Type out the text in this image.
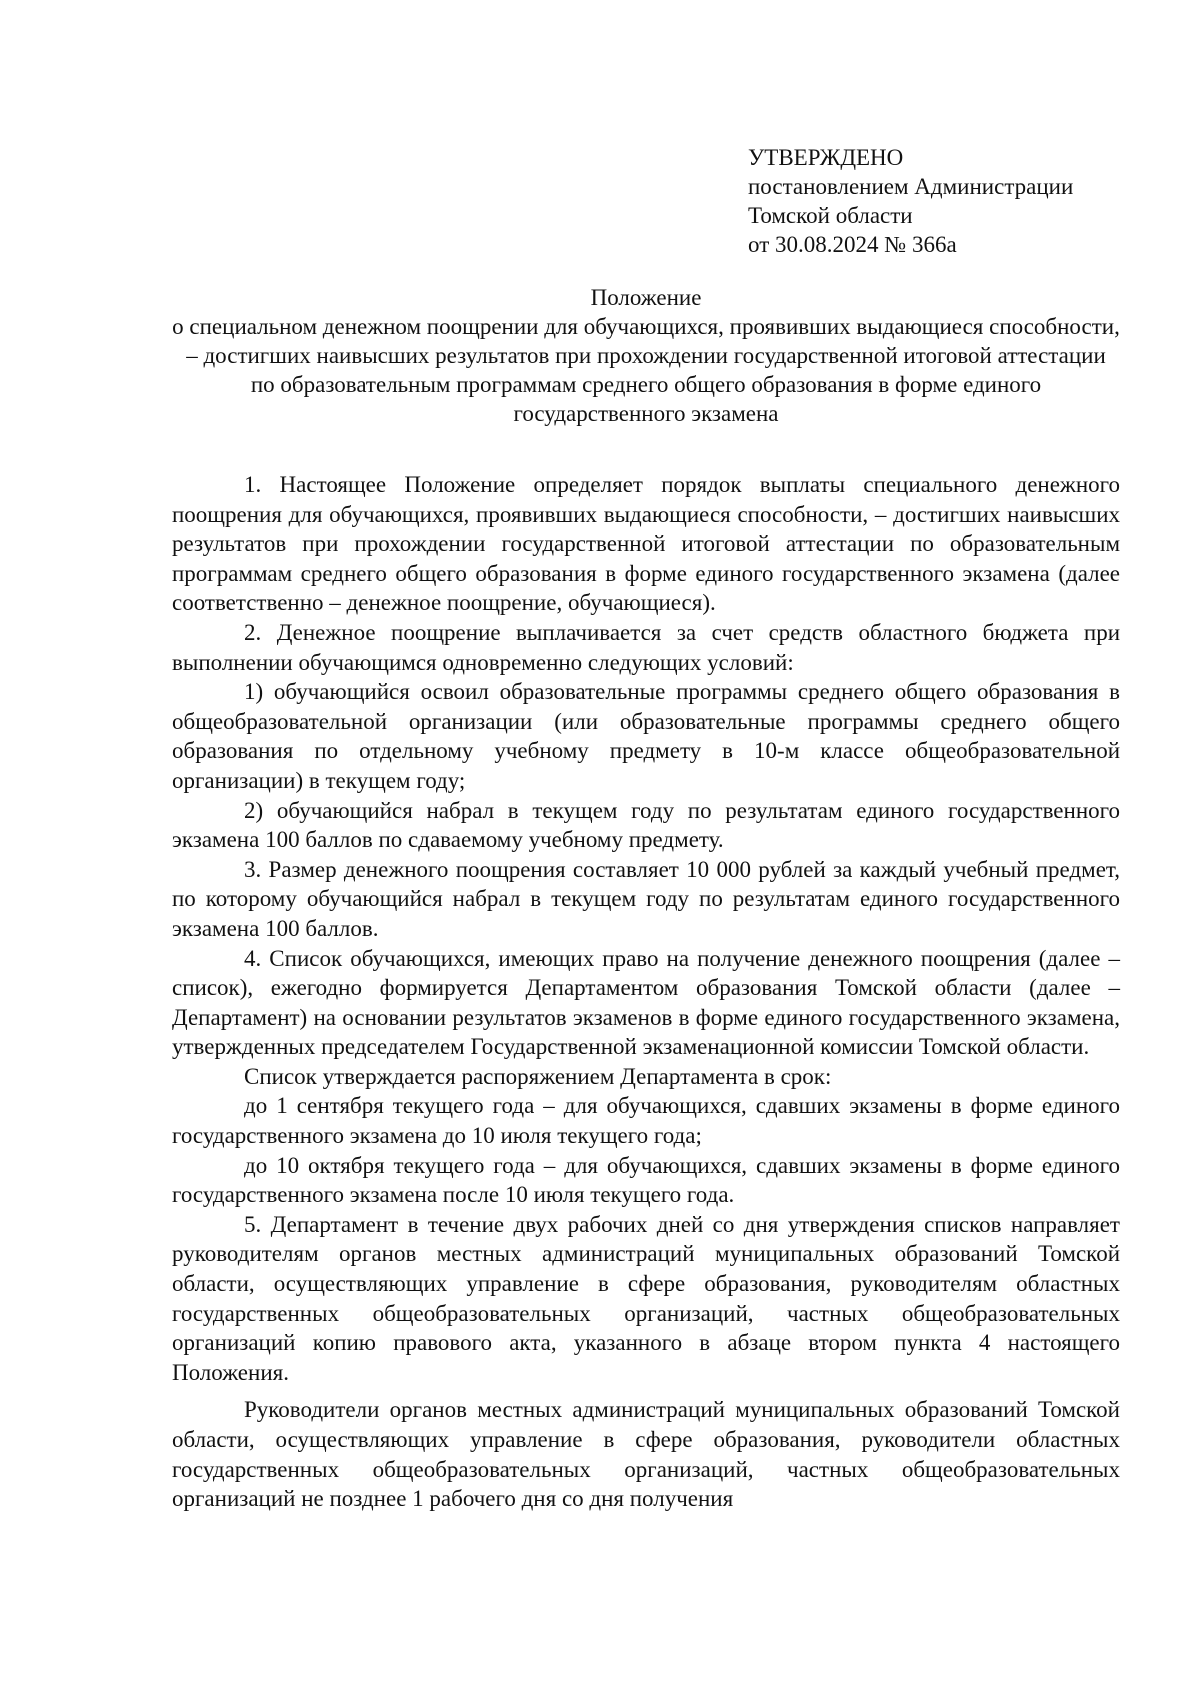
УТВЕРЖДЕНО
постановлением Администрации
Томской области
от 30.08.2024 № 366а
Положение
о специальном денежном поощрении для обучающихся, проявивших выдающиеся способности, – достигших наивысших результатов при прохождении государственной итоговой аттестации по образовательным программам среднего общего образования в форме единого государственного экзамена

1. Настоящее Положение определяет порядок выплаты специального денежного поощрения для обучающихся, проявивших выдающиеся способности, – достигших наивысших результатов при прохождении государственной итоговой аттестации по образовательным программам среднего общего образования в форме единого государственного экзамена (далее соответственно – денежное поощрение, обучающиеся).

2. Денежное поощрение выплачивается за счет средств областного бюджета при выполнении обучающимся одновременно следующих условий:

1) обучающийся освоил образовательные программы среднего общего образования в общеобразовательной организации (или образовательные программы среднего общего образования по отдельному учебному предмету в 10-м классе общеобразовательной организации) в текущем году;

2) обучающийся набрал в текущем году по результатам единого государственного экзамена 100 баллов по сдаваемому учебному предмету.

3. Размер денежного поощрения составляет 10 000 рублей за каждый учебный предмет, по которому обучающийся набрал в текущем году по результатам единого государственного экзамена 100 баллов.

4. Список обучающихся, имеющих право на получение денежного поощрения (далее – список), ежегодно формируется Департаментом образования Томской области (далее – Департамент) на основании результатов экзаменов в форме единого государственного экзамена, утвержденных председателем Государственной экзаменационной комиссии Томской области.

Список утверждается распоряжением Департамента в срок:

до 1 сентября текущего года – для обучающихся, сдавших экзамены в форме единого государственного экзамена до 10 июля текущего года;

до 10 октября текущего года – для обучающихся, сдавших экзамены в форме единого государственного экзамена после 10 июля текущего года.

5. Департамент в течение двух рабочих дней со дня утверждения списков направляет руководителям органов местных администраций муниципальных образований Томской области, осуществляющих управление в сфере образования, руководителям областных государственных общеобразовательных организаций, частных общеобразовательных организаций копию правового акта, указанного в абзаце втором пункта 4 настоящего Положения.

Руководители органов местных администраций муниципальных образований Томской области, осуществляющих управление в сфере образования, руководители областных государственных общеобразовательных организаций, частных общеобразовательных организаций не позднее 1 рабочего дня со дня получения
